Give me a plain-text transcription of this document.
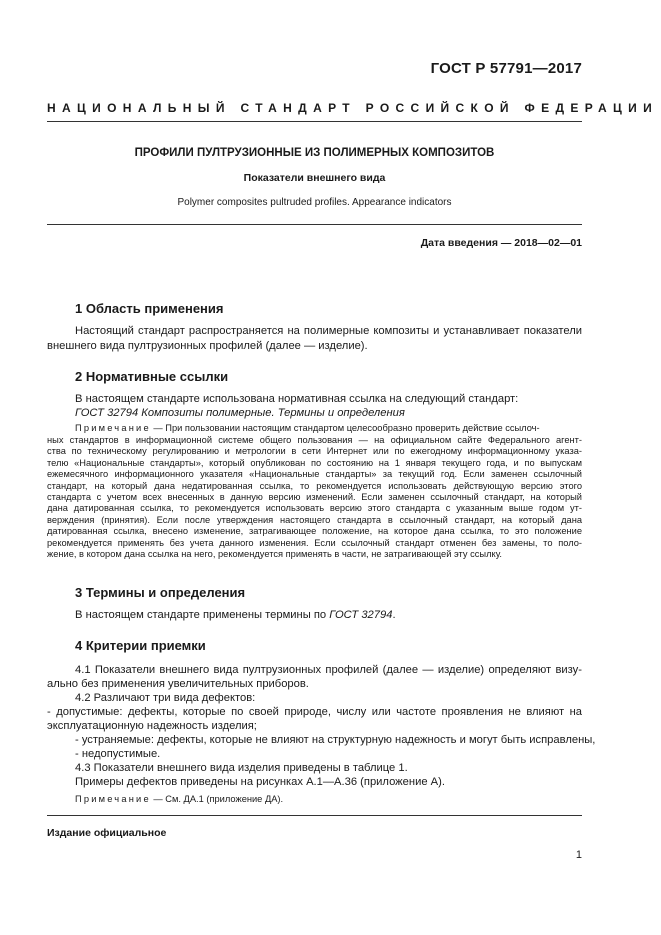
ГОСТ Р 57791—2017
НАЦИОНАЛЬНЫЙ СТАНДАРТ РОССИЙСКОЙ ФЕДЕРАЦИИ
ПРОФИЛИ ПУЛТРУЗИОННЫЕ ИЗ ПОЛИМЕРНЫХ КОМПОЗИТОВ
Показатели внешнего вида
Polymer composites pultruded profiles. Appearance indicators
Дата введения — 2018—02—01
1 Область применения
Настоящий стандарт распространяется на полимерные композиты и устанавливает показатели
внешнего вида пултрузионных профилей (далее — изделие).
2 Нормативные ссылки
В настоящем стандарте использована нормативная ссылка на следующий стандарт:
ГОСТ 32794 Композиты полимерные. Термины и определения
Примечание — При пользовании настоящим стандартом целесообразно проверить действие ссылоч-
ных стандартов в информационной системе общего пользования — на официальном сайте Федерального агент-
ства по техническому регулированию и метрологии в сети Интернет или по ежегодному информационному указа-
телю «Национальные стандарты», который опубликован по состоянию на 1 января текущего года, и по выпускам
ежемесячного информационного указателя «Национальные стандарты» за текущий год. Если заменен ссылочный
стандарт, на который дана недатированная ссылка, то рекомендуется использовать действующую версию этого
стандарта с учетом всех внесенных в данную версию изменений. Если заменен ссылочный стандарт, на который
дана датированная ссылка, то рекомендуется использовать версию этого стандарта с указанным выше годом ут-
верждения (принятия). Если после утверждения настоящего стандарта в ссылочный стандарт, на который дана
датированная ссылка, внесено изменение, затрагивающее положение, на которое дана ссылка, то это положение
рекомендуется применять без учета данного изменения. Если ссылочный стандарт отменен без замены, то поло-
жение, в котором дана ссылка на него, рекомендуется применять в части, не затрагивающей эту ссылку.
3 Термины и определения
В настоящем стандарте применены термины по ГОСТ 32794.
4 Критерии приемки
4.1 Показатели внешнего вида пултрузионных профилей (далее — изделие) определяют визу-
ально без применения увеличительных приборов.
4.2 Различают три вида дефектов:
- допустимые: дефекты, которые по своей природе, числу или частоте проявления не влияют на
эксплуатационную надежность изделия;
- устраняемые: дефекты, которые не влияют на структурную надежность и могут быть исправлены,
- недопустимые.
4.3 Показатели внешнего вида изделия приведены в таблице 1.
Примеры дефектов приведены на рисунках А.1—А.36 (приложение А).
Примечание — См. ДА.1 (приложение ДА).
Издание официальное
1
